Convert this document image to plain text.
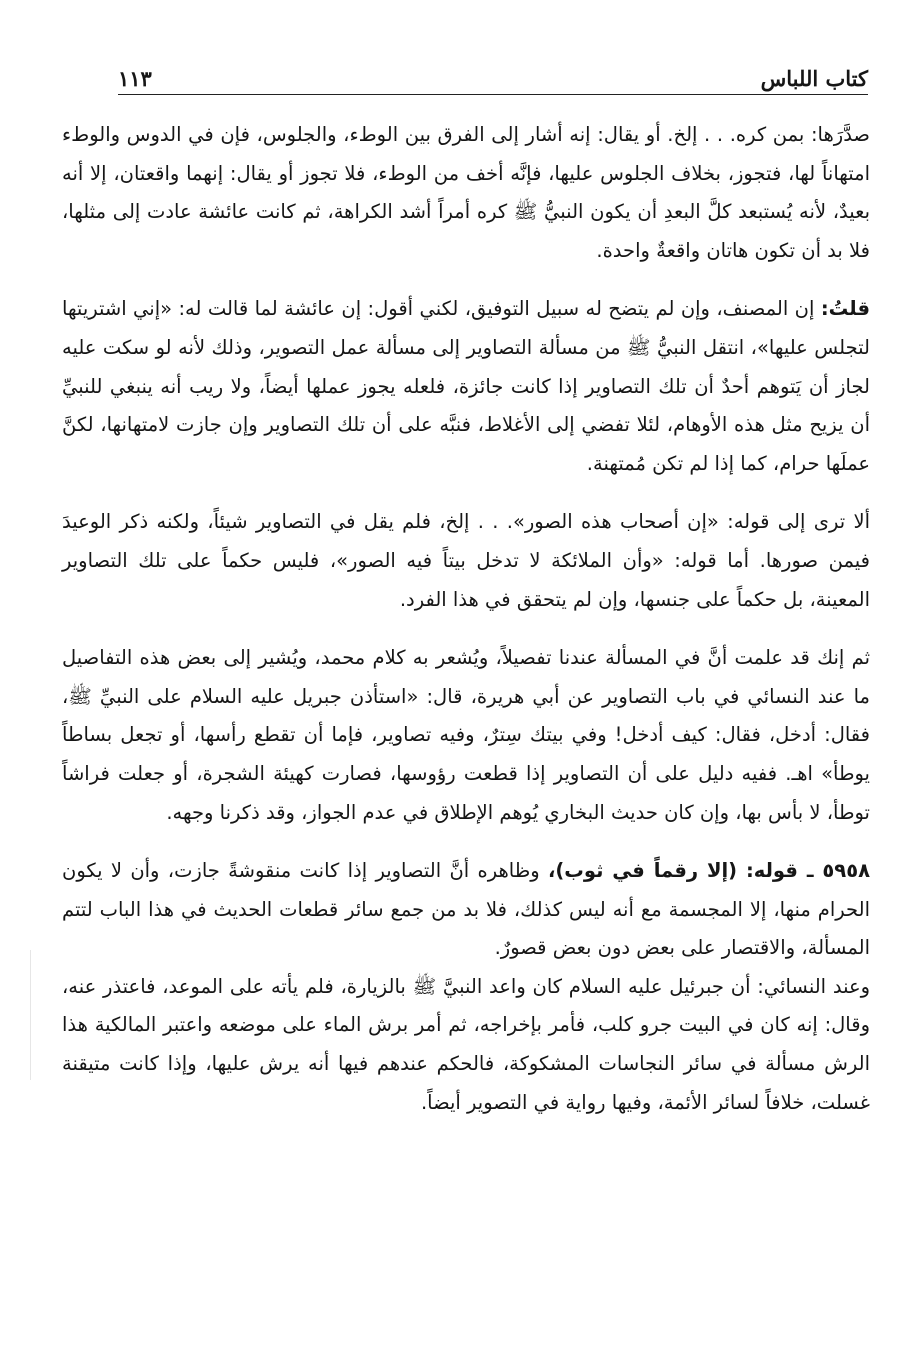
كتاب اللباس
١١٣

صدَّرَها: بمن كره. . . إلخ. أو يقال: إنه أشار إلى الفرق بين الوطء، والجلوس، فإن في الدوس والوطء امتهاناً لها، فتجوز، بخلاف الجلوس عليها، فإنَّه أخف من الوطء، فلا تجوز أو يقال: إنهما واقعتان، إلا أنه بعيدٌ، لأنه يُستبعد كلَّ البعدِ أن يكون النبيُّ ﷺ كره أمراً أشد الكراهة، ثم كانت عائشة عادت إلى مثلها، فلا بد أن تكون هاتان واقعةٌ واحدة.

قلتُ: إن المصنف، وإن لم يتضح له سبيل التوفيق، لكني أقول: إن عائشة لما قالت له: «إني اشتريتها لتجلس عليها»، انتقل النبيُّ ﷺ من مسألة التصاوير إلى مسألة عمل التصوير، وذلك لأنه لو سكت عليه لجاز أن يَتوهم أحدٌ أن تلك التصاوير إذا كانت جائزة، فلعله يجوز عملها أيضاً، ولا ريب أنه ينبغي للنبيِّ أن يزيح مثل هذه الأوهام، لئلا تفضي إلى الأغلاط، فنبَّه على أن تلك التصاوير وإن جازت لامتهانها، لكنَّ عملَها حرام، كما إذا لم تكن مُمتهنة.

ألا ترى إلى قوله: «إن أصحاب هذه الصور». . . إلخ، فلم يقل في التصاوير شيئاً، ولكنه ذكر الوعيدَ فيمن صورها. أما قوله: «وأن الملائكة لا تدخل بيتاً فيه الصور»، فليس حكماً على تلك التصاوير المعينة، بل حكماً على جنسها، وإن لم يتحقق في هذا الفرد.

ثم إنك قد علمت أنَّ في المسألة عندنا تفصيلاً، ويُشعر به كلام محمد، ويُشير إلى بعض هذه التفاصيل ما عند النسائي في باب التصاوير عن أبي هريرة، قال: «استأذن جبريل عليه السلام على النبيِّ ﷺ، فقال: أدخل، فقال: كيف أدخل! وفي بيتك سِترٌ، وفيه تصاوير، فإما أن تقطع رأسها، أو تجعل بساطاً يوطأ» اهـ. ففيه دليل على أن التصاوير إذا قطعت رؤوسها، فصارت كهيئة الشجرة، أو جعلت فراشاً توطأ، لا بأس بها، وإن كان حديث البخاري يُوهم الإطلاق في عدم الجواز، وقد ذكرنا وجهه.

٥٩٥٨ ـ قوله: (إلا رقماً في ثوب)، وظاهره أنَّ التصاوير إذا كانت منقوشةً جازت، وأن لا يكون الحرام منها، إلا المجسمة مع أنه ليس كذلك، فلا بد من جمع سائر قطعات الحديث في هذا الباب لتتم المسألة، والاقتصار على بعض دون بعض قصورٌ.

وعند النسائي: أن جبرئيل عليه السلام كان واعد النبيَّ ﷺ بالزيارة، فلم يأته على الموعد، فاعتذر عنه، وقال: إنه كان في البيت جرو كلب، فأمر بإخراجه، ثم أمر برش الماء على موضعه واعتبر المالكية هذا الرش مسألة في سائر النجاسات المشكوكة، فالحكم عندهم فيها أنه يرش عليها، وإذا كانت متيقنة غسلت، خلافاً لسائر الأئمة، وفيها رواية في التصوير أيضاً.
